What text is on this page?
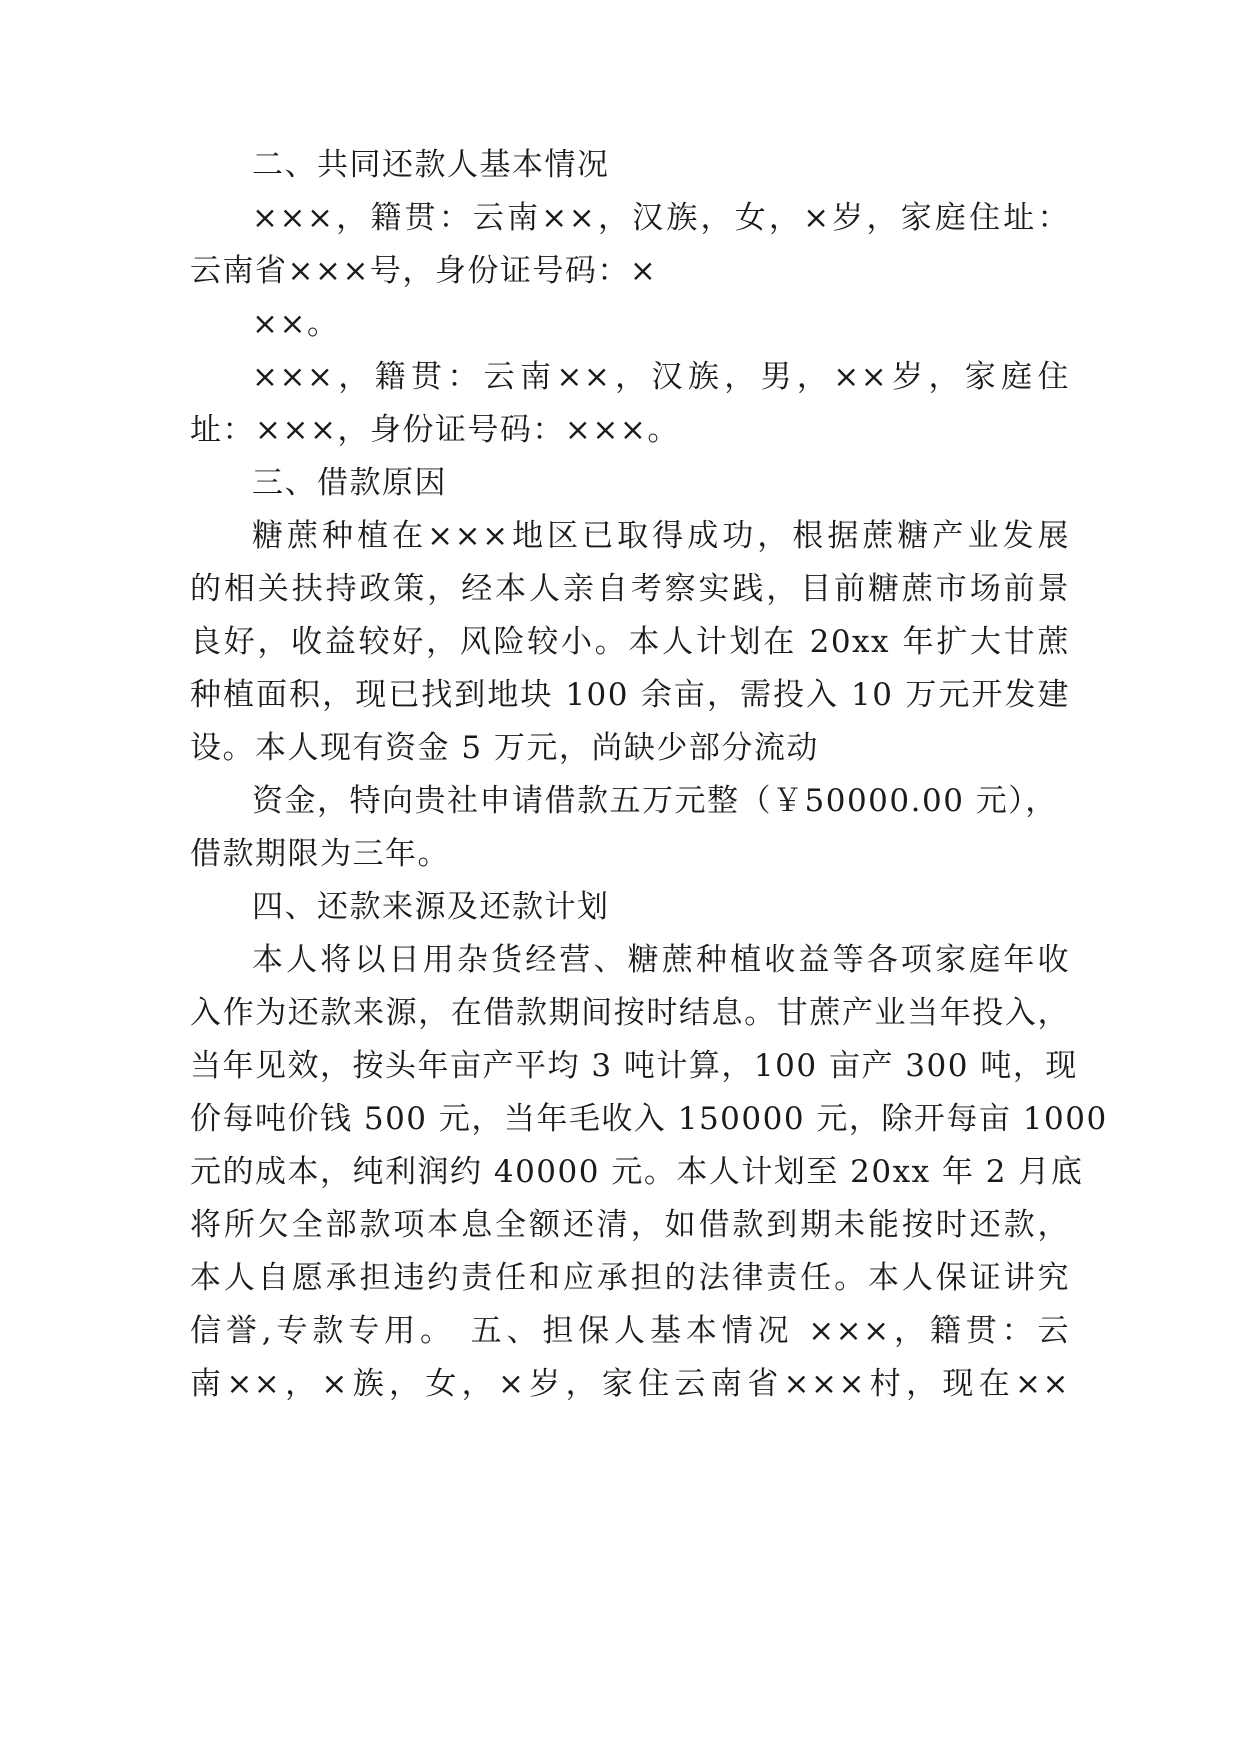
二、共同还款人基本情况
×××，籍贯：云南××，汉族，女，×岁，家庭住址：
云南省×××号，身份证号码：×
××。
×××，籍贯：云南××，汉族，男，××岁，家庭住
址：×××，身份证号码：×××。
三、借款原因
糖蔗种植在×××地区已取得成功，根据蔗糖产业发展
的相关扶持政策，经本人亲自考察实践，目前糖蔗市场前景
良好，收益较好，风险较小。本人计划在 20xx 年扩大甘蔗
种植面积，现已找到地块 100 余亩，需投入 10 万元开发建
设。本人现有资金 5 万元，尚缺少部分流动
资金，特向贵社申请借款五万元整（￥50000.00 元），
借款期限为三年。
四、还款来源及还款计划
本人将以日用杂货经营、糖蔗种植收益等各项家庭年收
入作为还款来源，在借款期间按时结息。甘蔗产业当年投入，
当年见效，按头年亩产平均 3 吨计算，100 亩产 300 吨，现
价每吨价钱 500 元，当年毛收入 150000 元，除开每亩 1000
元的成本，纯利润约 40000 元。本人计划至 20xx 年 2 月底
将所欠全部款项本息全额还清，如借款到期未能按时还款，
本人自愿承担违约责任和应承担的法律责任。本人保证讲究
信誉,专款专用。 五、担保人基本情况 ×××，籍贯：云
南××，×族，女，×岁，家住云南省×××村，现在××
